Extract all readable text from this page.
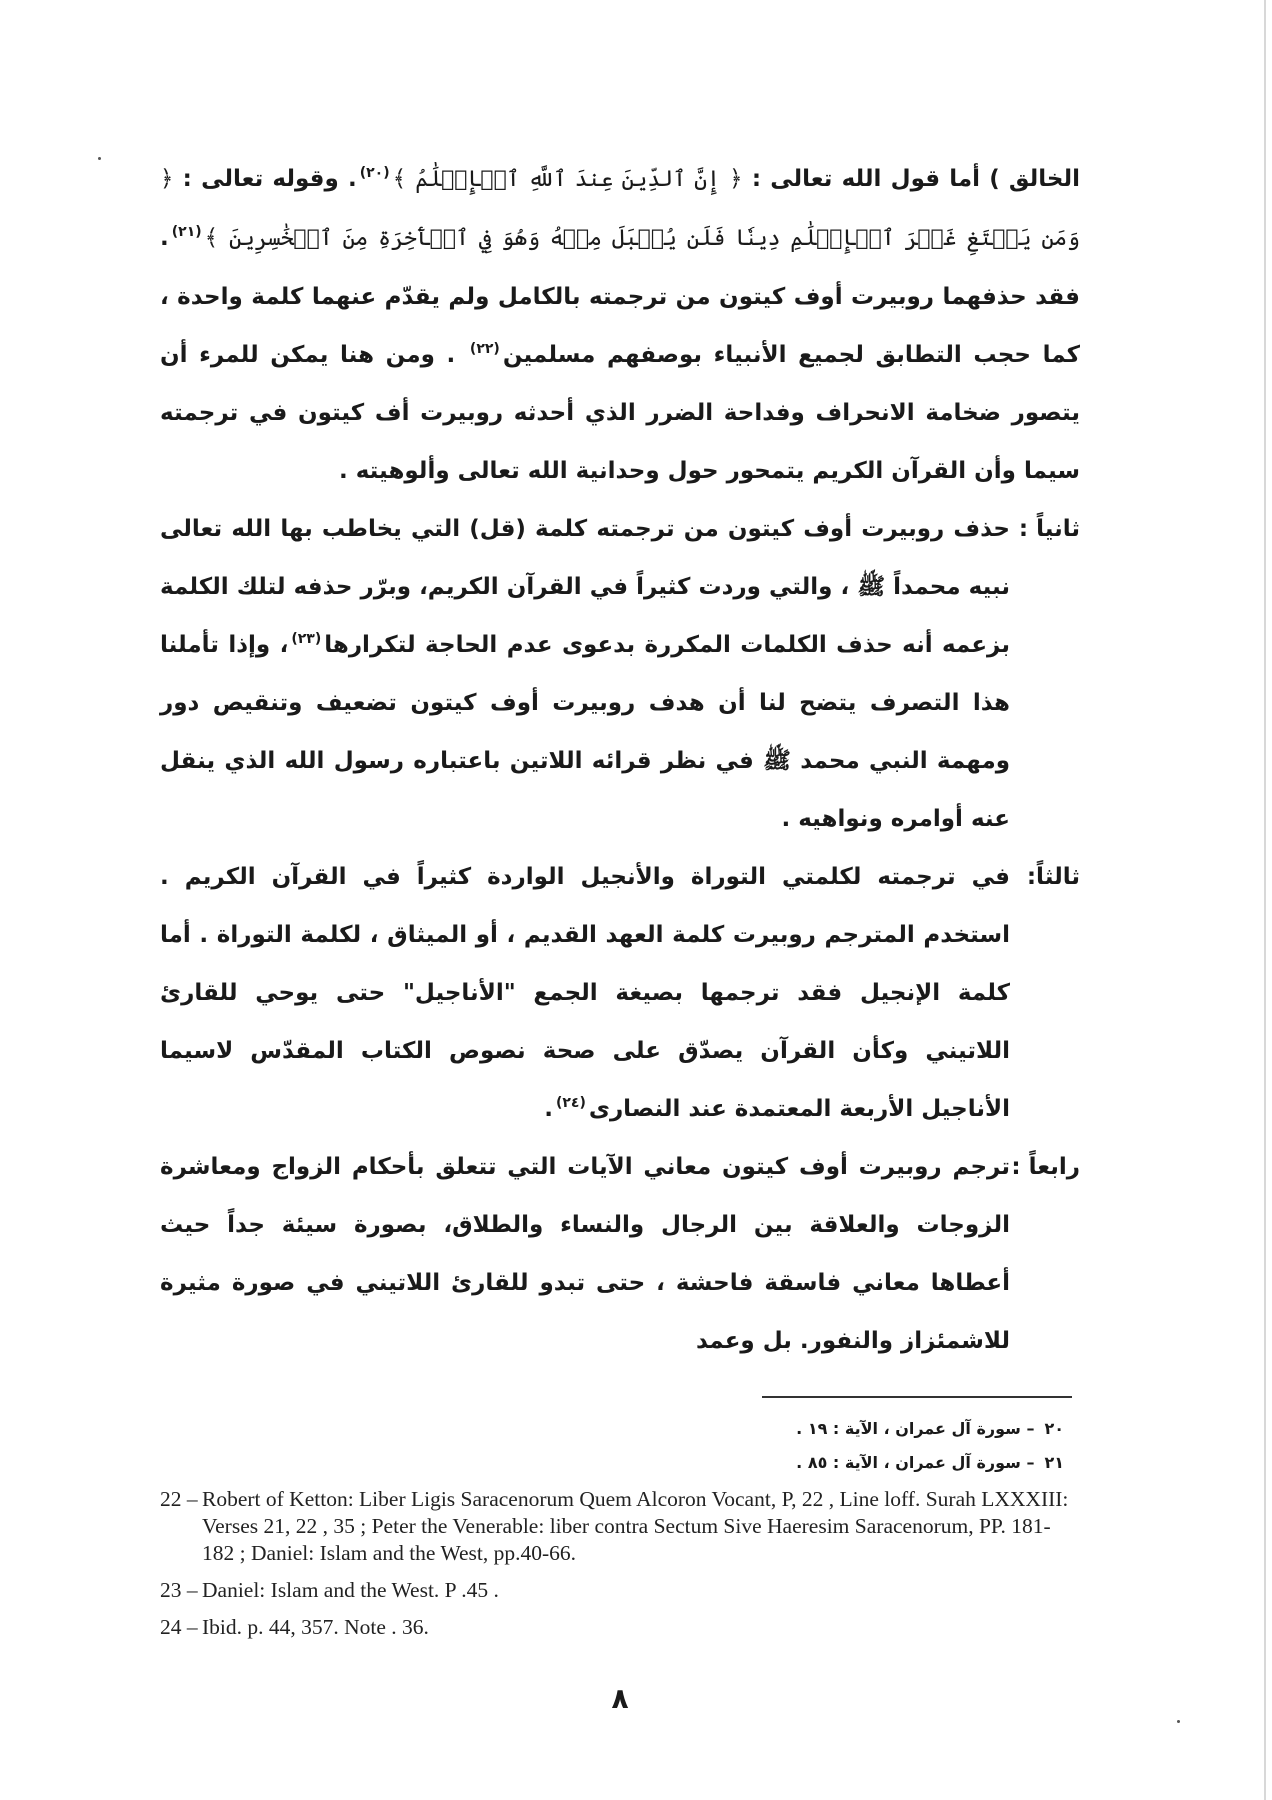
الخالق ) أما قول الله تعالى : ﴿ إِنَّ ٱلدِّينَ عِندَ ٱللَّهِ ٱلۡإِسۡلَٰمُ ﴾$^{(٢٠)}$. وقوله تعالى : ﴿ وَمَن يَبۡتَغِ غَيۡرَ ٱلۡإِسۡلَٰمِ دِينٗا فَلَن يُقۡبَلَ مِنۡهُ وَهُوَ فِي ٱلۡأٓخِرَةِ مِنَ ٱلۡخَٰسِرِينَ ﴾$^{(٢١)}$. فقد حذفهما روبيرت أوف كيتون من ترجمته بالكامل ولم يقدّم عنهما كلمة واحدة ، كما حجب التطابق لجميع الأنبياء بوصفهم مسلمين$^{(٢٢)}$ . ومن هنا يمكن للمرء أن يتصور ضخامة الانحراف وفداحة الضرر الذي أحدثه روبيرت أف كيتون في ترجمته سيما وأن القرآن الكريم يتمحور حول وحدانية الله تعالى وألوهيته .

ثانياً :
حذف روبيرت أوف كيتون من ترجمته كلمة (قل) التي يخاطب بها الله تعالى نبيه محمداً ﷺ ، والتي وردت كثيراً في القرآن الكريم، وبرّر حذفه لتلك الكلمة بزعمه أنه حذف الكلمات المكررة بدعوى عدم الحاجة لتكرارها$^{(٢٣)}$، وإذا تأملنا هذا التصرف يتضح لنا أن هدف روبيرت أوف كيتون تضعيف وتنقيص دور ومهمة النبي محمد ﷺ في نظر قرائه اللاتين باعتباره رسول الله الذي ينقل عنه أوامره ونواهيه .
ثالثاً:
في ترجمته لكلمتي التوراة والأنجيل الواردة كثيراً في القرآن الكريم . استخدم المترجم روبيرت كلمة العهد القديم ، أو الميثاق ، لكلمة التوراة . أما كلمة الإنجيل فقد ترجمها بصيغة الجمع "الأناجيل" حتى يوحي للقارئ اللاتيني وكأن القرآن يصدّق على صحة نصوص الكتاب المقدّس لاسيما الأناجيل الأربعة المعتمدة عند النصارى$^{(٢٤)}$.
رابعاً :
ترجم روبيرت أوف كيتون معاني الآيات التي تتعلق بأحكام الزواج ومعاشرة الزوجات والعلاقة بين الرجال والنساء والطلاق، بصورة سيئة جداً حيث أعطاها معاني فاسقة فاحشة ، حتى تبدو للقارئ اللاتيني في صورة مثيرة للاشمئزاز والنفور. بل وعمد
٢٠– سورة آل عمران ، الآية : ١٩ .
٢١– سورة آل عمران ، الآية : ٨٥ .
22 – Robert of Ketton: Liber Ligis Saracenorum Quem Alcoron Vocant, P, 22 , Line loff. Surah LXXXIII: Verses 21, 22 , 35 ; Peter the Venerable: liber contra Sectum Sive Haeresim Saracenorum, PP. 181-182 ; Daniel: Islam and the West, pp.40-66.
23 – Daniel: Islam and the West. P .45 .
24 – Ibid. p. 44, 357. Note . 36.
٨
